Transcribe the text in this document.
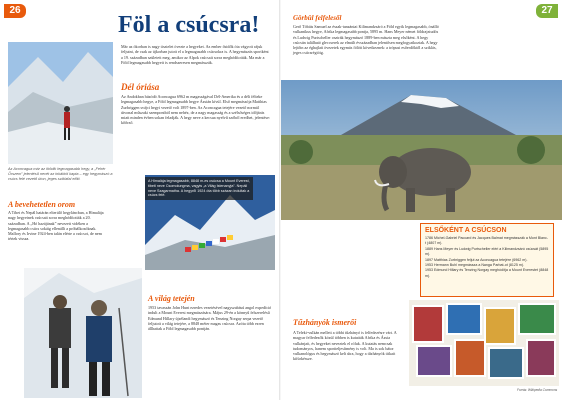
26
Föl a csúcsra!
Az Aconcagua már az ötödik legmagasabb hegy, a „Fehér Őrszem” jelentésű nevét az inkáktól kapta – egy hegymászó a csúcs felé vezető úton, jeges sziklafal előtt.
Már az ókorban is nagy tisztelet övezte a hegyeket. Az ember ősidők óta vágyott rájuk feljutni, de csak az újkorban jutott el a legmagasabb csúcsokra is. A hegymászás sportként a 19. században született meg, amikor az Alpok csúcsait sorra meghódították. Ma már a Föld legmagasabb hegyeit is rendszeresen megmásszák.
Dél óriása
Az Andokban húzódó Aconcagua 6962 m magasságával Dél-Amerika és a déli félteke legmagasabb hegye, a Föld legmagasabb hegye Ázsián kívül. Első megmászója Matthias Zurbriggen svájci hegyi vezető volt 1897-ben. Az Aconcagua tetejére vezető normál útvonal műszaki szempontból nem nehéz, de a nagy magasság és a szélsőséges időjárás miatt minden évben sokan feladják. A hegy neve a kecsua nyelvű szóból eredhet, jelentése: kőőrző.
A bevehetetlen orom
A Tibet és Nepál határán elterülő hegyláncban, a Himalája nagy hegyeinek csúcsait sorra meghódították a 20. században. A „Hó hazájának” nevezett vidéken a legmagasabb csúcs sokáig ellenállt a próbálkozóknak. Mallory és Irvine 1924-ben talán elérte a csúcsot, de nem tértek vissza.
A Himalája legmagasabb, 8848 m-es csúcsa a Mount Everest, tibeti neve Csomolungma, vagyis „a Világ Istenanyja”. Nepáli neve Szagarmatha. A hegyről 1924 óta több százan indultak a csúcs felé.
A világ tetején
1953 tavaszán John Hunt ezredes vezetésével nagyszabású angol expedíció indult a Mount Everest megmászására. Május 29-én a könnyű felszerelésű Edmund Hillary újzélandi hegymászó és Tenzing Norgay serpa vezető feljutott a világ tetejére, a 8848 méter magas csúcsra. Azóta több ezren állhattak a Föld legmagasabb pontján.
27
Görbül felfelesől
Gerő Tóbiás Samuel az észak-tanzániai Kilimandzsáró a Föld egyik legmagasabb, önálló vulkanikus hegye, Afrika legmagasabb pontja, 5895 m. Hans Meyer német földrajztudós és Ludwig Purtscheller osztrák hegymászó 1889-ben mászta meg elsőként. A hegy csúcsán található gleccserek az elmúlt évszázadban jelentősen megfogyatkoztak. A hegy lejtőin az éghajlati övezetek egymás fölött következnek: a trópusi esőerdőktől a sziklás, jeges csúcsrégióig.
ELSŐKÉNT A CSÚCSON
1786 Michel-Gabriel Paccard és Jacques Balmat megmásszák a Mont Blanc-t (4807 m).
1889 Hans Meyer és Ludwig Purtscheller eléri a Kilimandzsáró csúcsát (5895 m).
1897 Matthias Zurbriggen feljut az Aconcagua tetejére (6962 m).
1953 Hermann Buhl megmássza a Nanga Parbat-ot (8125 m).
1953 Edmund Hillary és Tenzing Norgay meghódítja a Mount Everestet (8848 m).
Tűzhányók ismerői
A Teleki-vulkán mellett a többi tűzhányó is felfedezésre várt. A magyar felfedezők közül többen is kutatták Afrika és Ázsia vulkánjait, és hegyeket neveztek el róluk. A kutatás nemcsak tudományos, hanem sportteljesítmény is volt. Ma is sok bátor vulkanológus és hegymászó kelt útra, hogy a tűzhányók titkait kifürkéssze.
Forrás: Wikipedia Commons
